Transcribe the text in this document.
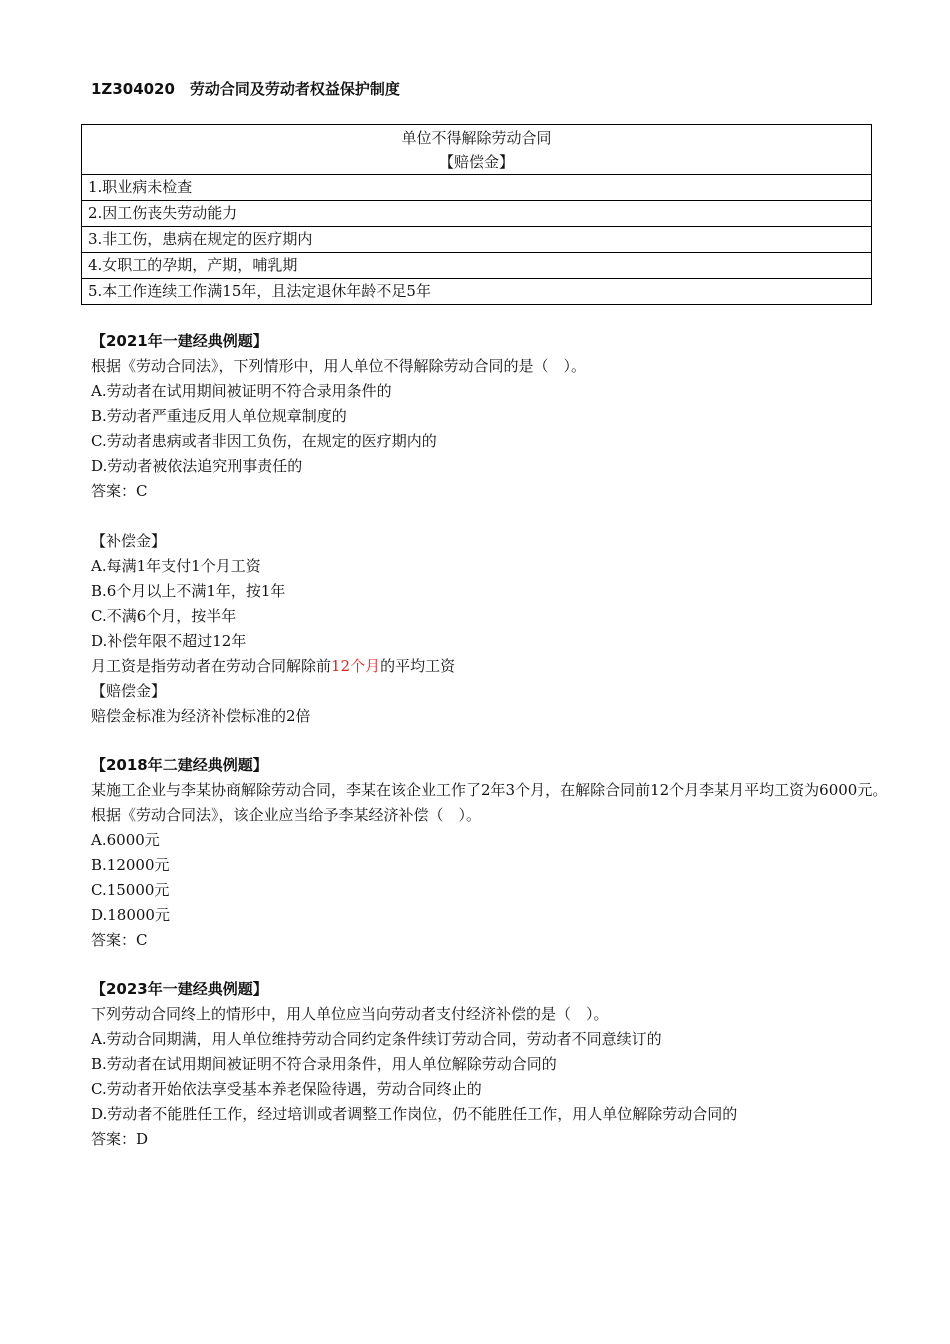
1Z304020　劳动合同及劳动者权益保护制度
单位不得解除劳动合同
【赔偿金】

1.职业病未检查
2.因工伤丧失劳动能力
3.非工伤，患病在规定的医疗期内
4.女职工的孕期，产期，哺乳期
5.本工作连续工作满15年，且法定退休年龄不足5年
【2021年一建经典例题】
根据《劳动合同法》，下列情形中，用人单位不得解除劳动合同的是（　）。
A.劳动者在试用期间被证明不符合录用条件的
B.劳动者严重违反用人单位规章制度的
C.劳动者患病或者非因工负伤，在规定的医疗期内的
D.劳动者被依法追究刑事责任的
答案：C
【补偿金】
A.每满1年支付1个月工资
B.6个月以上不满1年，按1年
C.不满6个月，按半年
D.补偿年限不超过12年
月工资是指劳动者在劳动合同解除前12个月的平均工资
【赔偿金】
赔偿金标准为经济补偿标准的2倍
【2018年二建经典例题】
某施工企业与李某协商解除劳动合同，李某在该企业工作了2年3个月，在解除合同前12个月李某月平均工资为6000元。根据《劳动合同法》，该企业应当给予李某经济补偿（　）。
A.6000元
B.12000元
C.15000元
D.18000元
答案：C
【2023年一建经典例题】
下列劳动合同终上的情形中，用人单位应当向劳动者支付经济补偿的是（　）。
A.劳动合同期满，用人单位维持劳动合同约定条件续订劳动合同，劳动者不同意续订的
B.劳动者在试用期间被证明不符合录用条件，用人单位解除劳动合同的
C.劳动者开始依法享受基本养老保险待遇，劳动合同终止的
D.劳动者不能胜任工作，经过培训或者调整工作岗位，仍不能胜任工作，用人单位解除劳动合同的
答案：D
